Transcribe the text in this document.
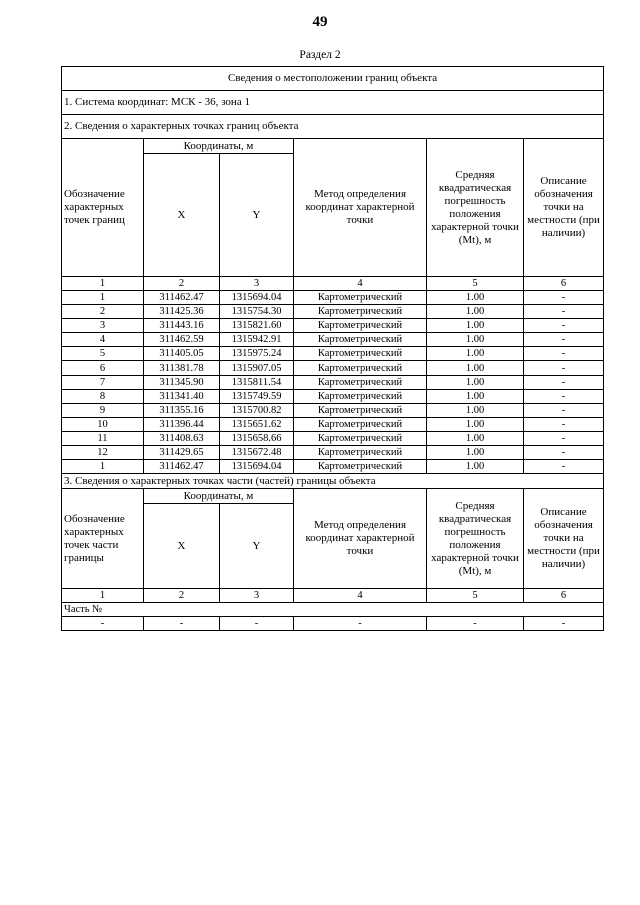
49
Раздел 2
Сведения о местоположении границ объекта					
1. Система координат: МСК - 36, зона 1					
2. Сведения о характерных точках границ объекта					
Обозначение характерных точек границ	Координаты, м		Метод определения координат характерной точки	Средняя квадратическая погрешность положения характерной точки (Mt), м	Описание обозначения точки на местности (при наличии)
	X	Y			
1	2	3	4	5	6
1	311462.47	1315694.04	Картометрический	1.00	-
2	311425.36	1315754.30	Картометрический	1.00	-
3	311443.16	1315821.60	Картометрический	1.00	-
4	311462.59	1315942.91	Картометрический	1.00	-
5	311405.05	1315975.24	Картометрический	1.00	-
6	311381.78	1315907.05	Картометрический	1.00	-
7	311345.90	1315811.54	Картометрический	1.00	-
8	311341.40	1315749.59	Картометрический	1.00	-
9	311355.16	1315700.82	Картометрический	1.00	-
10	311396.44	1315651.62	Картометрический	1.00	-
11	311408.63	1315658.66	Картометрический	1.00	-
12	311429.65	1315672.48	Картометрический	1.00	-
1	311462.47	1315694.04	Картометрический	1.00	-
3. Сведения о характерных точках части (частей) границы объекта					

Обозначение характерных точек части границы	Координаты, м		Метод определения координат характерной точки	Средняя квадратическая погрешность положения характерной точки (Mt), м	Описание обозначения точки на местности (при наличии)
	X	Y			
1	2	3	4	5	6
Часть №					
-	-	-	-	-	-
